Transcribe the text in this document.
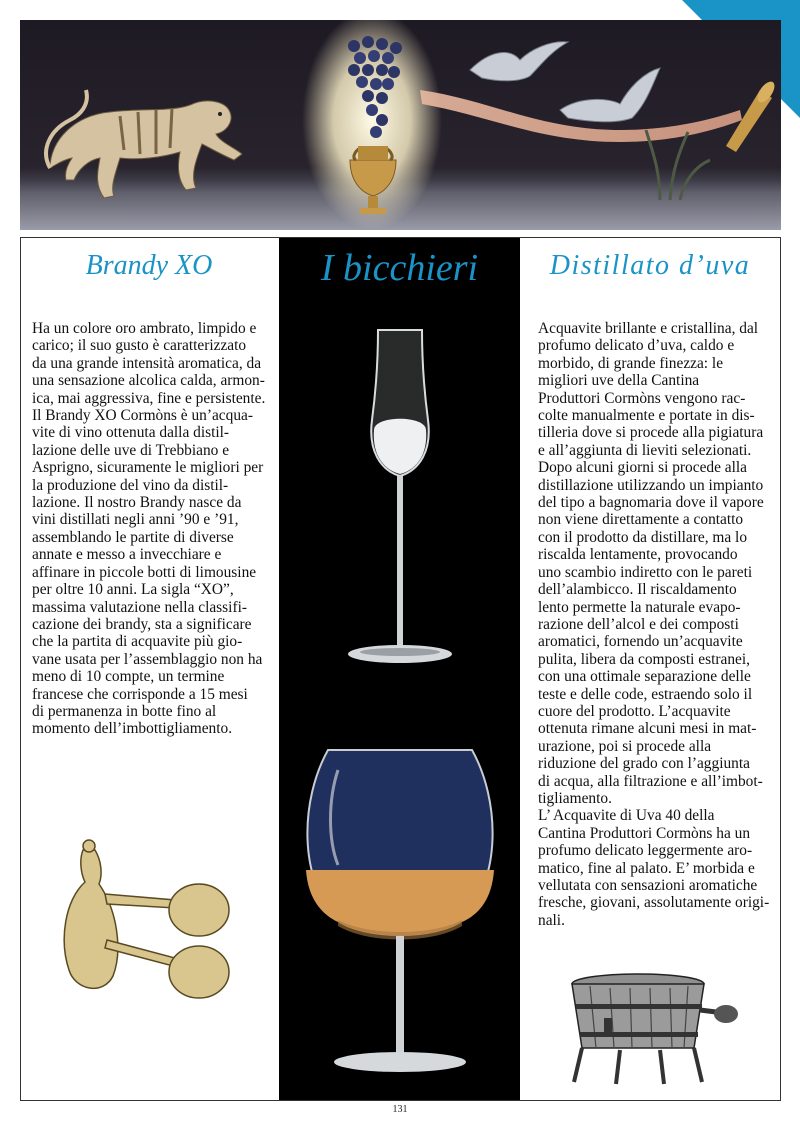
Brandy XO	I bicchieri	Distillato d’uva

Ha un colore oro ambrato, limpido e
carico; il suo gusto è caratterizzato
da una grande intensità aromatica, da
una sensazione alcolica calda, armon-
ica, mai aggressiva, fine e persistente.
Il Brandy XO Cormòns è un’acqua-
vite di vino ottenuta dalla distil-
lazione delle uve di Trebbiano e
Asprigno, sicuramente le migliori per
la produzione del vino da distil-
lazione. Il nostro Brandy nasce da
vini distillati negli anni ’90 e ’91,
assemblando le partite di diverse
annate e messo a invecchiare e
affinare in piccole botti di limousine
per oltre 10 anni. La sigla “XO”,
massima valutazione nella classifi-
cazione dei brandy, sta a significare
che la partita di acquavite più gio-
vane usata per l’assemblaggio non ha
meno di 10 compte, un termine
francese che corrisponde a 15 mesi
di permanenza in botte fino al
momento dell’imbottigliamento.

Acquavite brillante e cristallina, dal
profumo delicato d’uva, caldo e
morbido, di grande finezza: le
migliori uve della Cantina
Produttori Cormòns vengono rac-
colte manualmente e portate in dis-
tilleria dove si procede alla pigiatura
e all’aggiunta di lieviti selezionati.
Dopo alcuni giorni si procede alla
distillazione utilizzando un impianto
del tipo a bagnomaria dove il vapore
non viene direttamente a contatto
con il prodotto da distillare, ma lo
riscalda lentamente, provocando
uno scambio indiretto con le pareti
dell’alambicco. Il riscaldamento
lento permette la naturale evapo-
razione dell’alcol e dei composti
aromatici, fornendo un’acquavite
pulita, libera da composti estranei,
con una ottimale separazione delle
teste e delle code, estraendo solo il
cuore del prodotto. L’acquavite
ottenuta rimane alcuni mesi in mat-
urazione, poi si procede alla
riduzione del grado con l’aggiunta
di acqua, alla filtrazione e all’imbot-
tigliamento.
L’ Acquavite di Uva 40 della
Cantina Produttori Cormòns ha un
profumo delicato leggermente aro-
matico, fine al palato. E’ morbida e
vellutata con sensazioni aromatiche
fresche, giovani, assolutamente origi-
nali.

131
